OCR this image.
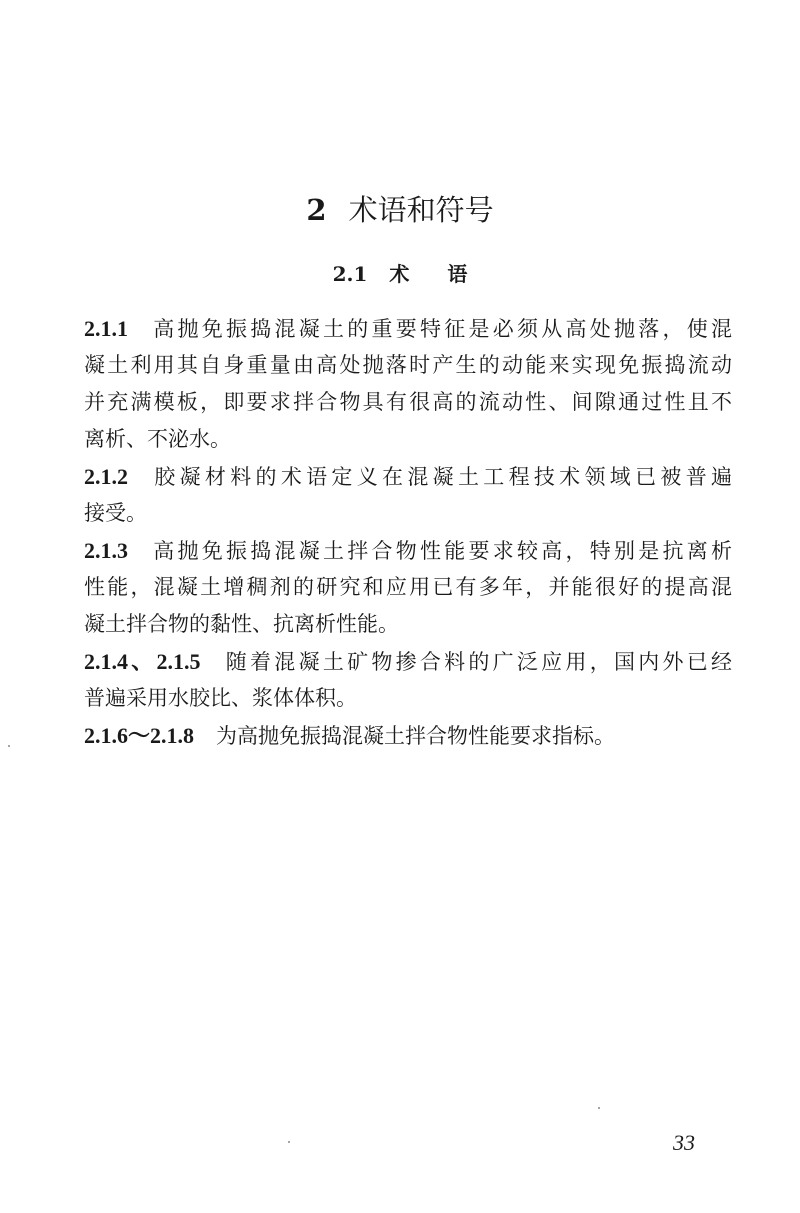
2 术语和符号
2.1 术 语
2.1.1 高抛免振捣混凝土的重要特征是必须从高处抛落，使混
凝土利用其自身重量由高处抛落时产生的动能来实现免振捣流动
并充满模板，即要求拌合物具有很高的流动性、间隙通过性且不
离析、不泌水。
2.1.2 胶凝材料的术语定义在混凝土工程技术领域已被普遍
接受。
2.1.3 高抛免振捣混凝土拌合物性能要求较高，特别是抗离析
性能，混凝土增稠剂的研究和应用已有多年，并能很好的提高混
凝土拌合物的黏性、抗离析性能。
2.1.4、2.1.5 随着混凝土矿物掺合料的广泛应用，国内外已经
普遍采用水胶比、浆体体积。
2.1.6～2.1.8 为高抛免振捣混凝土拌合物性能要求指标。
33
